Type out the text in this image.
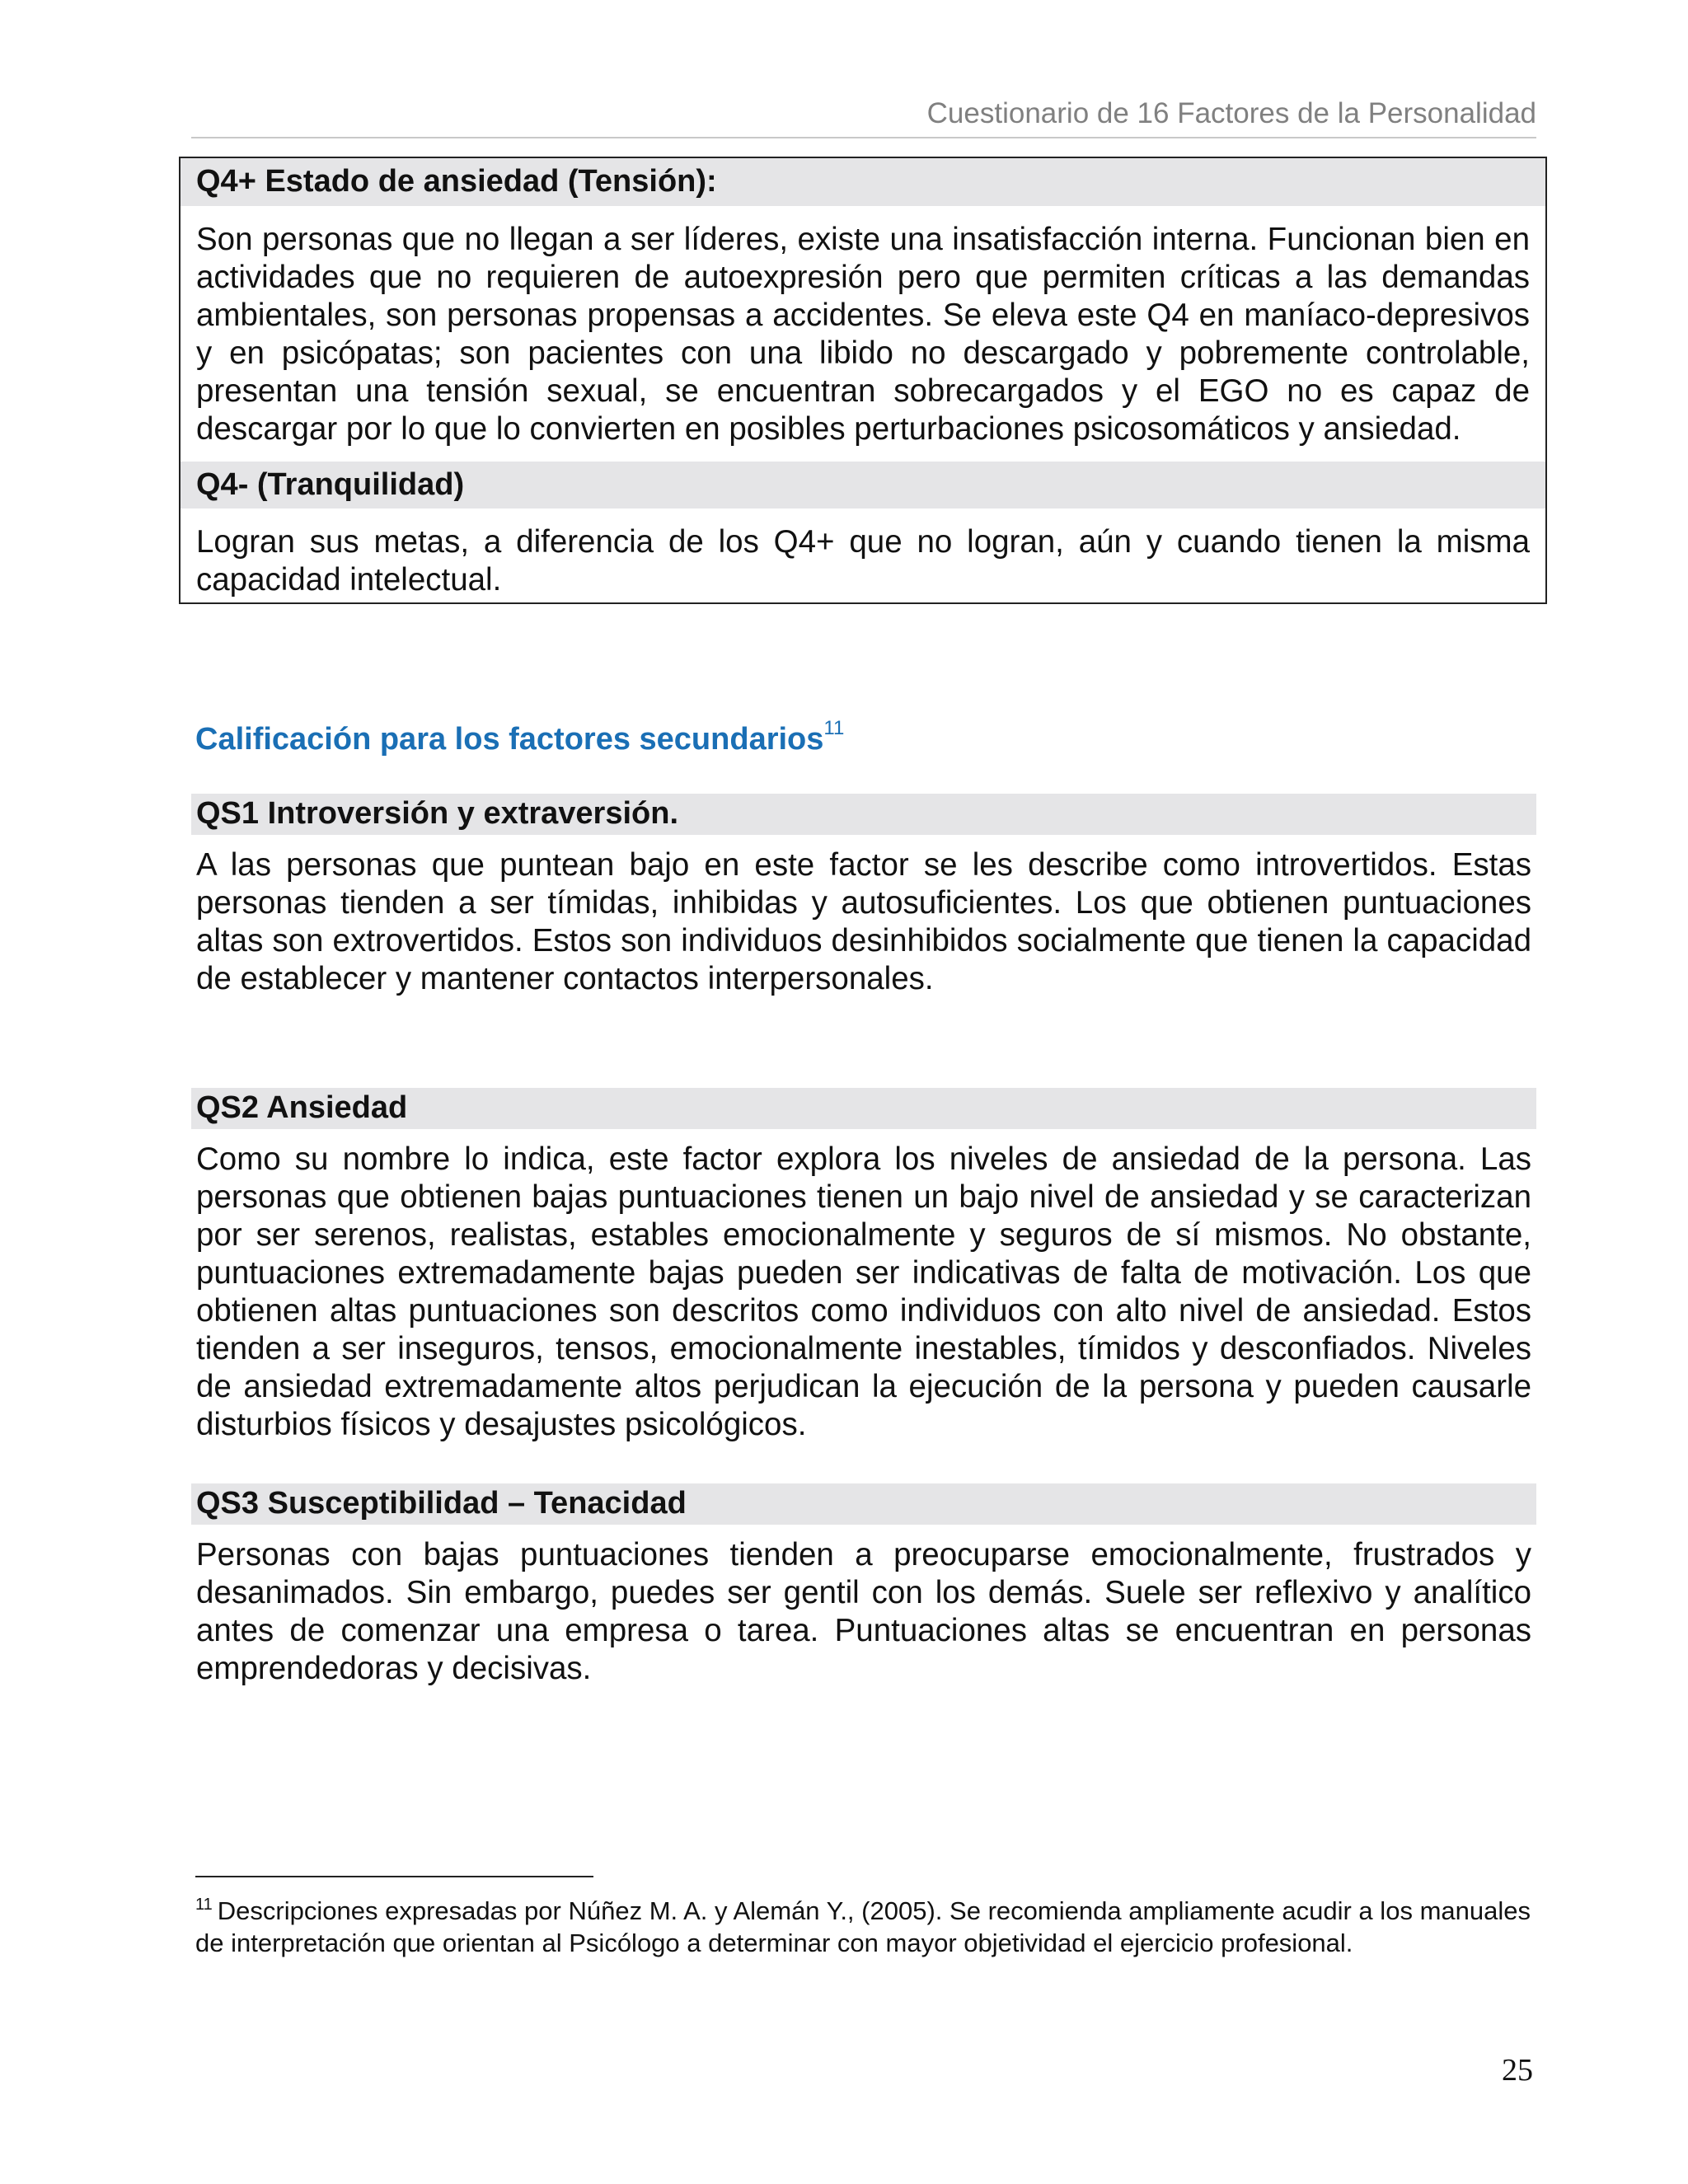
Cuestionario de 16 Factores de la Personalidad
Q4+ Estado de ansiedad (Tensión):
Son personas que no llegan a ser líderes, existe una insatisfacción interna. Funcionan bien en actividades que no requieren de autoexpresión pero que permiten críticas a las demandas ambientales, son personas propensas a accidentes. Se eleva este Q4 en maníaco-depresivos y en psicópatas; son pacientes con una libido no descargado y pobremente controlable, presentan una tensión sexual, se encuentran sobrecargados y el EGO no es capaz de descargar por lo que lo convierten en posibles perturbaciones psicosomáticos y ansiedad.
Q4- (Tranquilidad)
Logran sus metas, a diferencia de los Q4+ que no logran, aún y cuando tienen la misma capacidad intelectual.
Calificación para los factores secundarios$^{11}$
QS1 Introversión y extraversión.
A las personas que puntean bajo en este factor se les describe como introvertidos. Estas personas tienden a ser tímidas, inhibidas y autosuficientes. Los que obtienen puntuaciones altas son extrovertidos. Estos son individuos desinhibidos socialmente que tienen la capacidad de establecer y mantener contactos interpersonales.
QS2 Ansiedad
Como su nombre lo indica, este factor explora los niveles de ansiedad de la persona. Las personas que obtienen bajas puntuaciones tienen un bajo nivel de ansiedad y se caracterizan por ser serenos, realistas, estables emocionalmente y seguros de sí mismos. No obstante, puntuaciones extremadamente bajas pueden ser indicativas de falta de motivación. Los que obtienen altas puntuaciones son descritos como individuos con alto nivel de ansiedad. Estos tienden a ser inseguros, tensos, emocionalmente inestables, tímidos y desconfiados. Niveles de ansiedad extremadamente altos perjudican la ejecución de la persona y pueden causarle disturbios físicos y desajustes psicológicos.
QS3 Susceptibilidad – Tenacidad
Personas con bajas puntuaciones tienden a preocuparse emocionalmente, frustrados y desanimados. Sin embargo, puedes ser gentil con los demás. Suele ser reflexivo y analítico antes de comenzar una empresa o tarea. Puntuaciones altas se encuentran en personas emprendedoras y decisivas.
$^{11}$ Descripciones expresadas por Núñez M. A. y Alemán Y., (2005). Se recomienda ampliamente acudir a los manuales de interpretación que orientan al Psicólogo a determinar con mayor objetividad el ejercicio profesional.
25
